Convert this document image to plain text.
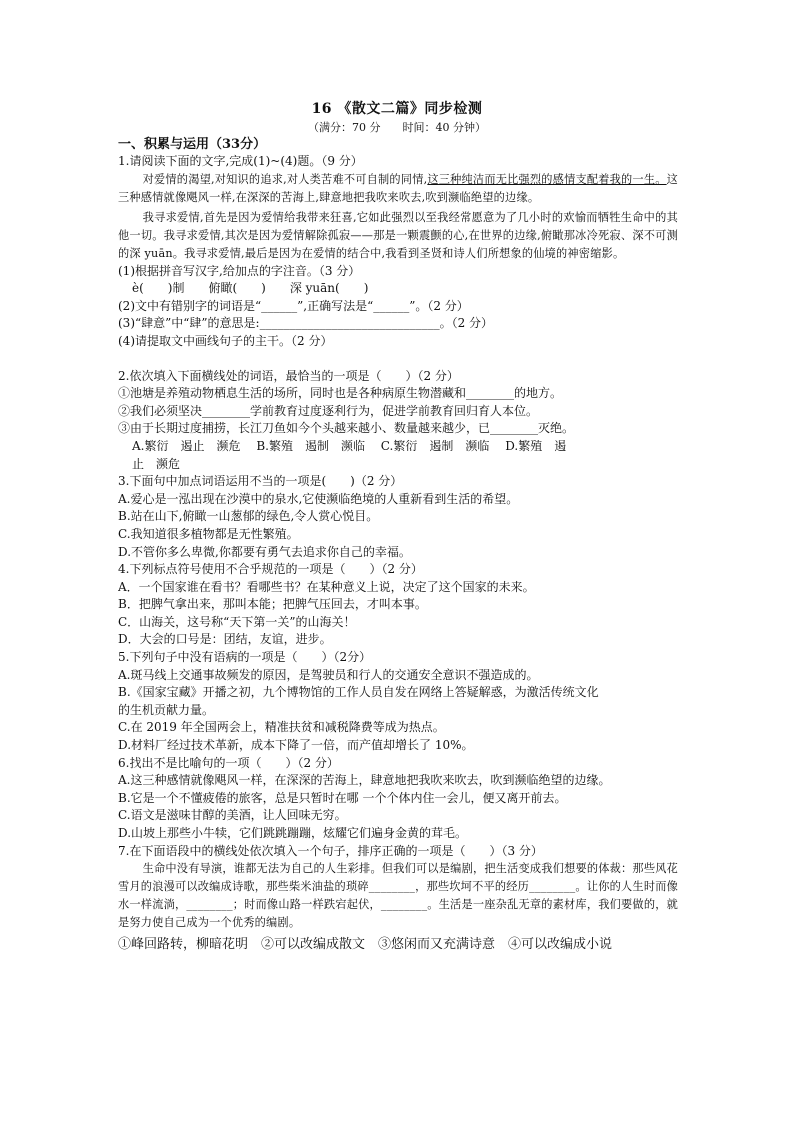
16 《散文二篇》同步检测
（满分：70 分　　时间：40 分钟）

一、积累与运用（33分）

1.请阅读下面的文字,完成(1)~(4)题。（9 分）

对爱情的渴望,对知识的追求,对人类苦难不可自制的同情,这三种纯洁而无比强烈的感情支配着我的一生。这三种感情就像飓风一样,在深深的苦海上,肆意地把我吹来吹去,吹到濒临绝望的边缘。

我寻求爱情,首先是因为爱情给我带来狂喜,它如此强烈以至我经常愿意为了几小时的欢愉而牺牲生命中的其他一切。我寻求爱情,其次是因为爱情解除孤寂——那是一颗震颤的心,在世界的边缘,俯瞰那冰冷死寂、深不可测的深 yuān。我寻求爱情,最后是因为在爱情的结合中,我看到圣贤和诗人们所想象的仙境的神密缩影。

(1)根据拼音写汉字,给加点的字注音。（3 分）

è(　　)制　　俯瞰(　　)　　深 yuān(　　)

(2)文中有错别字的词语是“______”,正确写法是“______”。（2 分）

(3)“肆意”中“肆”的意思是:______________________________。（2 分）

(4)请提取文中画线句子的主干。（2 分）

2.依次填入下面横线处的词语，最恰当的一项是（　　）（2 分）

①池塘是养殖动物栖息生活的场所，同时也是各种病原生物潜藏和________的地方。

②我们必须坚决________学前教育过度逐利行为，促进学前教育回归育人本位。

③由于长期过度捕捞，长江刀鱼如今个头越来越小、数量越来越少，已________灭绝。

A.繁衍　遏止　濒危　 B.繁殖　遏制　濒临　 C.繁衍　遏制　濒临　 D.繁殖　遏

止　濒危

3.下面句中加点词语运用不当的一项是(　　)（2 分）

A.爱心是一泓出现在沙漠中的泉水,它使濒临绝境的人重新看到生活的希望。

B.站在山下,俯瞰一山葱郁的绿色,令人赏心悦目。

C.我知道很多植物都是无性繁殖。

D.不管你多么卑微,你都要有勇气去追求你自己的幸福。

4.下列标点符号使用不合乎规范的一项是（　　）（2 分）

A．一个国家谁在看书？看哪些书？在某种意义上说，决定了这个国家的未来。

B．把脾气拿出来，那叫本能；把脾气压回去，才叫本事。

C．山海关，这号称“天下第一关”的山海关！

D．大会的口号是：团结，友谊，进步。

5.下列句子中没有语病的一项是（　　）（2分）

A.斑马线上交通事故频发的原因，是驾驶员和行人的交通安全意识不强造成的。

B.《国家宝藏》开播之初，九个博物馆的工作人员自发在网络上答疑解惑，为激活传统文化

的生机贡献力量。

C.在 2019 年全国两会上，精准扶贫和减税降费等成为热点。

D.材料厂经过技术革新，成本下降了一倍，而产值却增长了 10%。

6.找出不是比喻句的一项（　　）（2 分）

A.这三种感情就像飓风一样，在深深的苦海上，肆意地把我吹来吹去，吹到濒临绝望的边缘。

B.它是一个不懂疲倦的旅客，总是只暂时在哪 一个个体内住一会儿，便又离开前去。

C.语文是滋味甘醇的美酒，让人回味无穷。

D.山坡上那些小牛犊，它们跳跳蹦蹦，炫耀它们遍身金黄的茸毛。

7.在下面语段中的横线处依次填入一个句子，排序正确的一项是（　　）（3 分）

生命中没有导演，谁都无法为自己的人生彩排。但我们可以是编剧，把生活变成我们想要的体裁：那些风花雪月的浪漫可以改编成诗歌，那些柴米油盐的琐碎________，那些坎坷不平的经历________。让你的人生时而像水一样流淌，________；时而像山路一样跌宕起伏，________。生活是一座杂乱无章的素材库，我们要做的，就是努力使自己成为一个优秀的编剧。

①峰回路转，柳暗花明　②可以改编成散文　③悠闲而又充满诗意　④可以改编成小说
